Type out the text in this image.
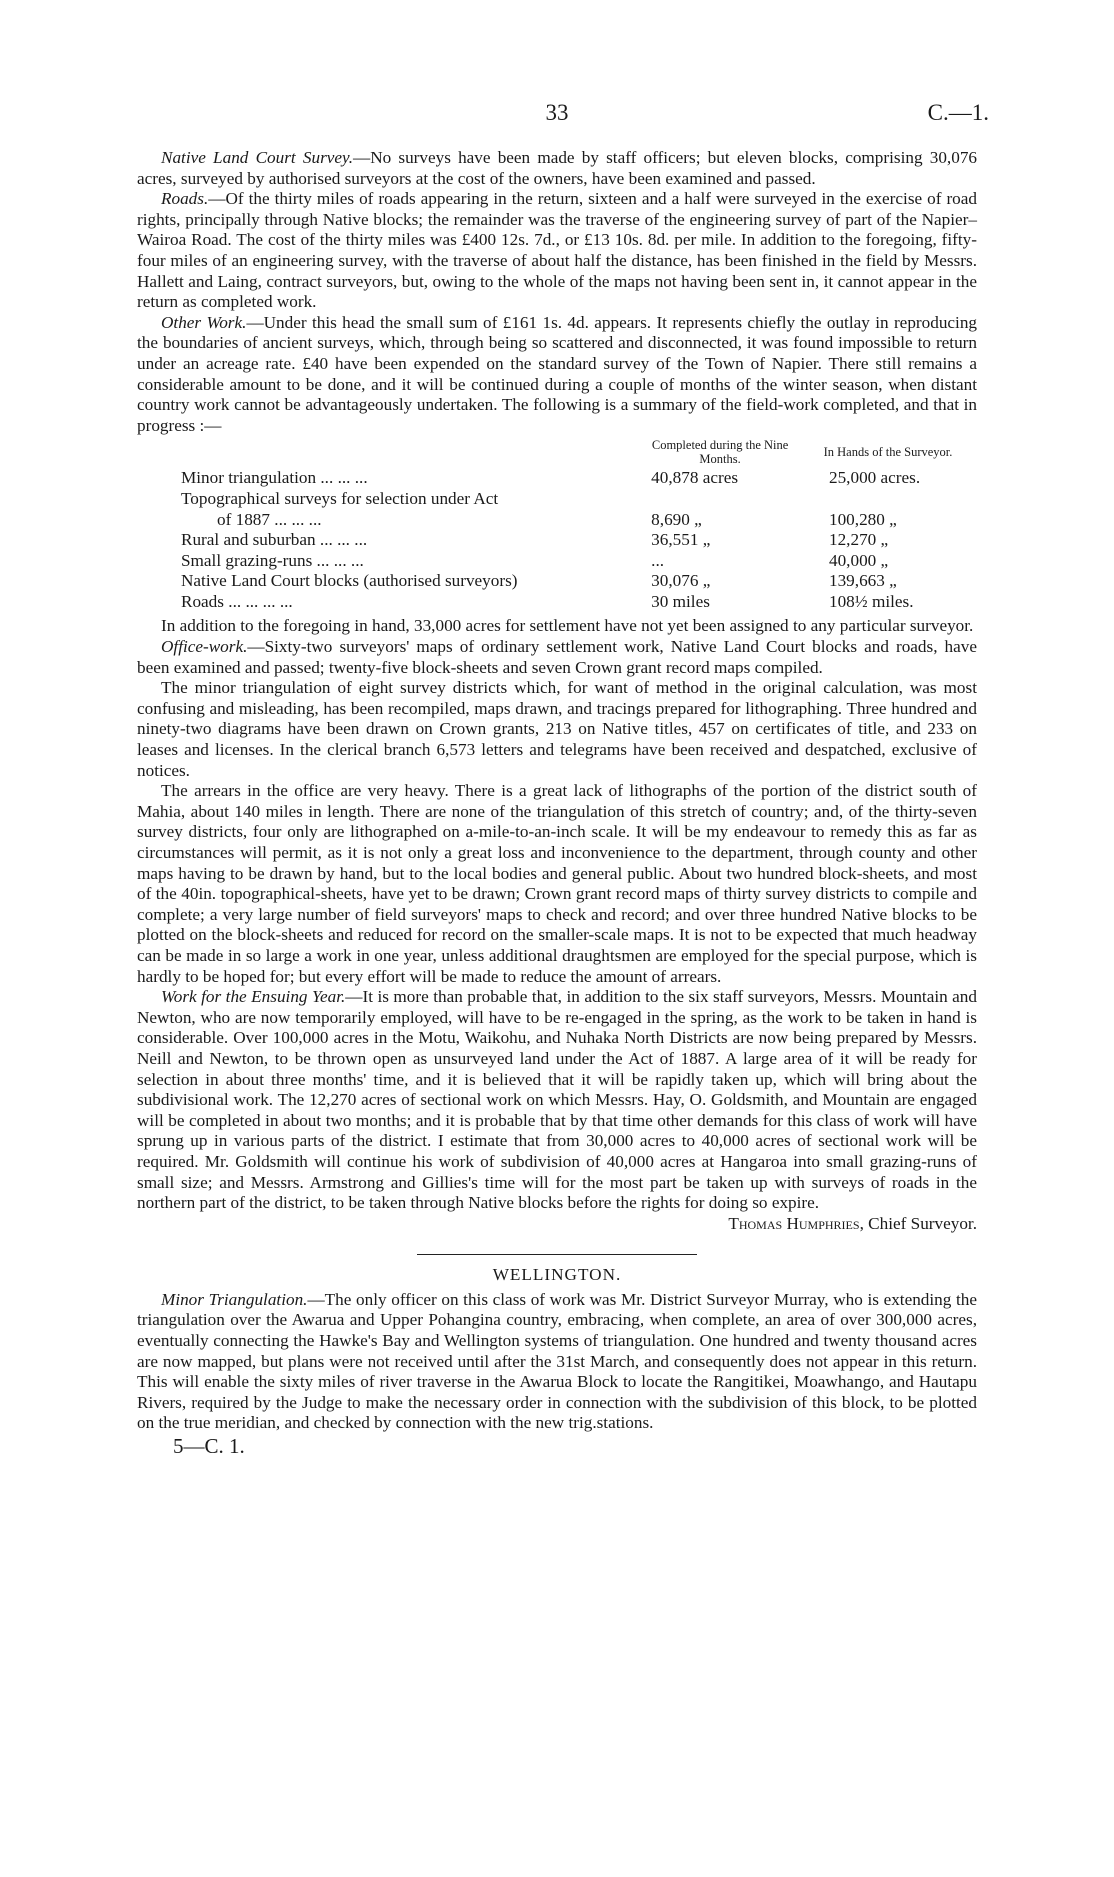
33	C.—1.

Native Land Court Survey.—No surveys have been made by staff officers; but eleven blocks, comprising 30,076 acres, surveyed by authorised surveyors at the cost of the owners, have been examined and passed.

Roads.—Of the thirty miles of roads appearing in the return, sixteen and a half were surveyed in the exercise of road rights, principally through Native blocks; the remainder was the traverse of the engineering survey of part of the Napier–Wairoa Road. The cost of the thirty miles was £400 12s. 7d., or £13 10s. 8d. per mile. In addition to the foregoing, fifty-four miles of an engineering survey, with the traverse of about half the distance, has been finished in the field by Messrs. Hallett and Laing, contract surveyors, but, owing to the whole of the maps not having been sent in, it cannot appear in the return as completed work.

Other Work.—Under this head the small sum of £161 1s. 4d. appears. It represents chiefly the outlay in reproducing the boundaries of ancient surveys, which, through being so scattered and disconnected, it was found impossible to return under an acreage rate. £40 have been expended on the standard survey of the Town of Napier. There still remains a considerable amount to be done, and it will be continued during a couple of months of the winter season, when distant country work cannot be advantageously undertaken. The following is a summary of the field-work completed, and that in progress :—

	Completed during the Nine Months.	In Hands of the Surveyor.
Minor triangulation ... ... ...	40,878 acres	25,000 acres.
Topographical surveys for selection under Act		
of 1887 ... ... ...	8,690 „	100,280 „
Rural and suburban ... ... ...	36,551 „	12,270 „
Small grazing-runs ... ... ...	...	40,000 „
Native Land Court blocks (authorised surveyors)	30,076 „	139,663 „
Roads ... ... ... ...	30 miles	108½ miles.

In addition to the foregoing in hand, 33,000 acres for settlement have not yet been assigned to any particular surveyor.

Office-work.—Sixty-two surveyors' maps of ordinary settlement work, Native Land Court blocks and roads, have been examined and passed; twenty-five block-sheets and seven Crown grant record maps compiled.

The minor triangulation of eight survey districts which, for want of method in the original calculation, was most confusing and misleading, has been recompiled, maps drawn, and tracings prepared for lithographing. Three hundred and ninety-two diagrams have been drawn on Crown grants, 213 on Native titles, 457 on certificates of title, and 233 on leases and licenses. In the clerical branch 6,573 letters and telegrams have been received and despatched, exclusive of notices.

The arrears in the office are very heavy. There is a great lack of lithographs of the portion of the district south of Mahia, about 140 miles in length. There are none of the triangulation of this stretch of country; and, of the thirty-seven survey districts, four only are lithographed on a-mile-to-an-inch scale. It will be my endeavour to remedy this as far as circumstances will permit, as it is not only a great loss and inconvenience to the department, through county and other maps having to be drawn by hand, but to the local bodies and general public. About two hundred block-sheets, and most of the 40in. topographical-sheets, have yet to be drawn; Crown grant record maps of thirty survey districts to compile and complete; a very large number of field surveyors' maps to check and record; and over three hundred Native blocks to be plotted on the block-sheets and reduced for record on the smaller-scale maps. It is not to be expected that much headway can be made in so large a work in one year, unless additional draughtsmen are employed for the special purpose, which is hardly to be hoped for; but every effort will be made to reduce the amount of arrears.

Work for the Ensuing Year.—It is more than probable that, in addition to the six staff surveyors, Messrs. Mountain and Newton, who are now temporarily employed, will have to be re-engaged in the spring, as the work to be taken in hand is considerable. Over 100,000 acres in the Motu, Waikohu, and Nuhaka North Districts are now being prepared by Messrs. Neill and Newton, to be thrown open as unsurveyed land under the Act of 1887. A large area of it will be ready for selection in about three months' time, and it is believed that it will be rapidly taken up, which will bring about the subdivisional work. The 12,270 acres of sectional work on which Messrs. Hay, O. Goldsmith, and Mountain are engaged will be completed in about two months; and it is probable that by that time other demands for this class of work will have sprung up in various parts of the district. I estimate that from 30,000 acres to 40,000 acres of sectional work will be required. Mr. Goldsmith will continue his work of subdivision of 40,000 acres at Hangaroa into small grazing-runs of small size; and Messrs. Armstrong and Gillies's time will for the most part be taken up with surveys of roads in the northern part of the district, to be taken through Native blocks before the rights for doing so expire.

Thomas Humphries, Chief Surveyor.
WELLINGTON.

Minor Triangulation.—The only officer on this class of work was Mr. District Surveyor Murray, who is extending the triangulation over the Awarua and Upper Pohangina country, embracing, when complete, an area of over 300,000 acres, eventually connecting the Hawke's Bay and Wellington systems of triangulation. One hundred and twenty thousand acres are now mapped, but plans were not received until after the 31st March, and consequently does not appear in this return. This will enable the sixty miles of river traverse in the Awarua Block to locate the Rangitikei, Moawhango, and Hautapu Rivers, required by the Judge to make the necessary order in connection with the subdivision of this block, to be plotted on the true meridian, and checked by connection with the new trig.stations.

5—C. 1.
